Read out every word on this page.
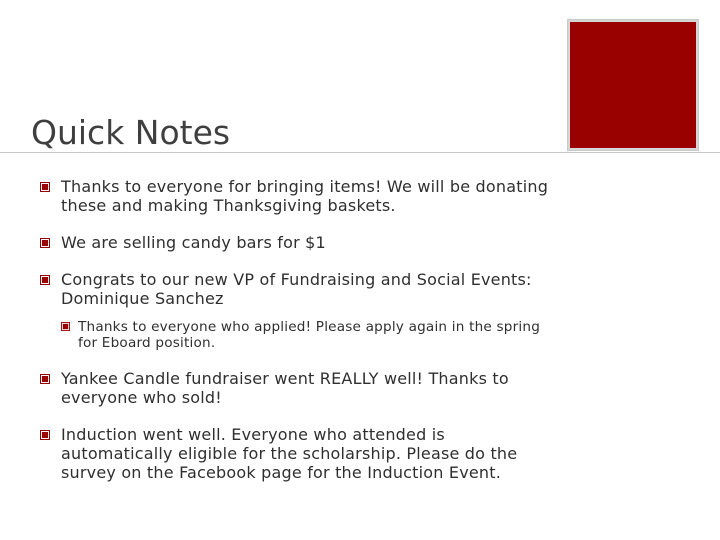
Quick Notes
Thanks to everyone for bringing items! We will be donating these and making Thanksgiving baskets.
We are selling candy bars for $1
Congrats to our new VP of Fundraising and Social Events: Dominique Sanchez
Thanks to everyone who applied! Please apply again in the spring for Eboard position.
Yankee Candle fundraiser went REALLY well! Thanks to everyone who sold!
Induction went well. Everyone who attended is automatically eligible for the scholarship. Please do the survey on the Facebook page for the Induction Event.
